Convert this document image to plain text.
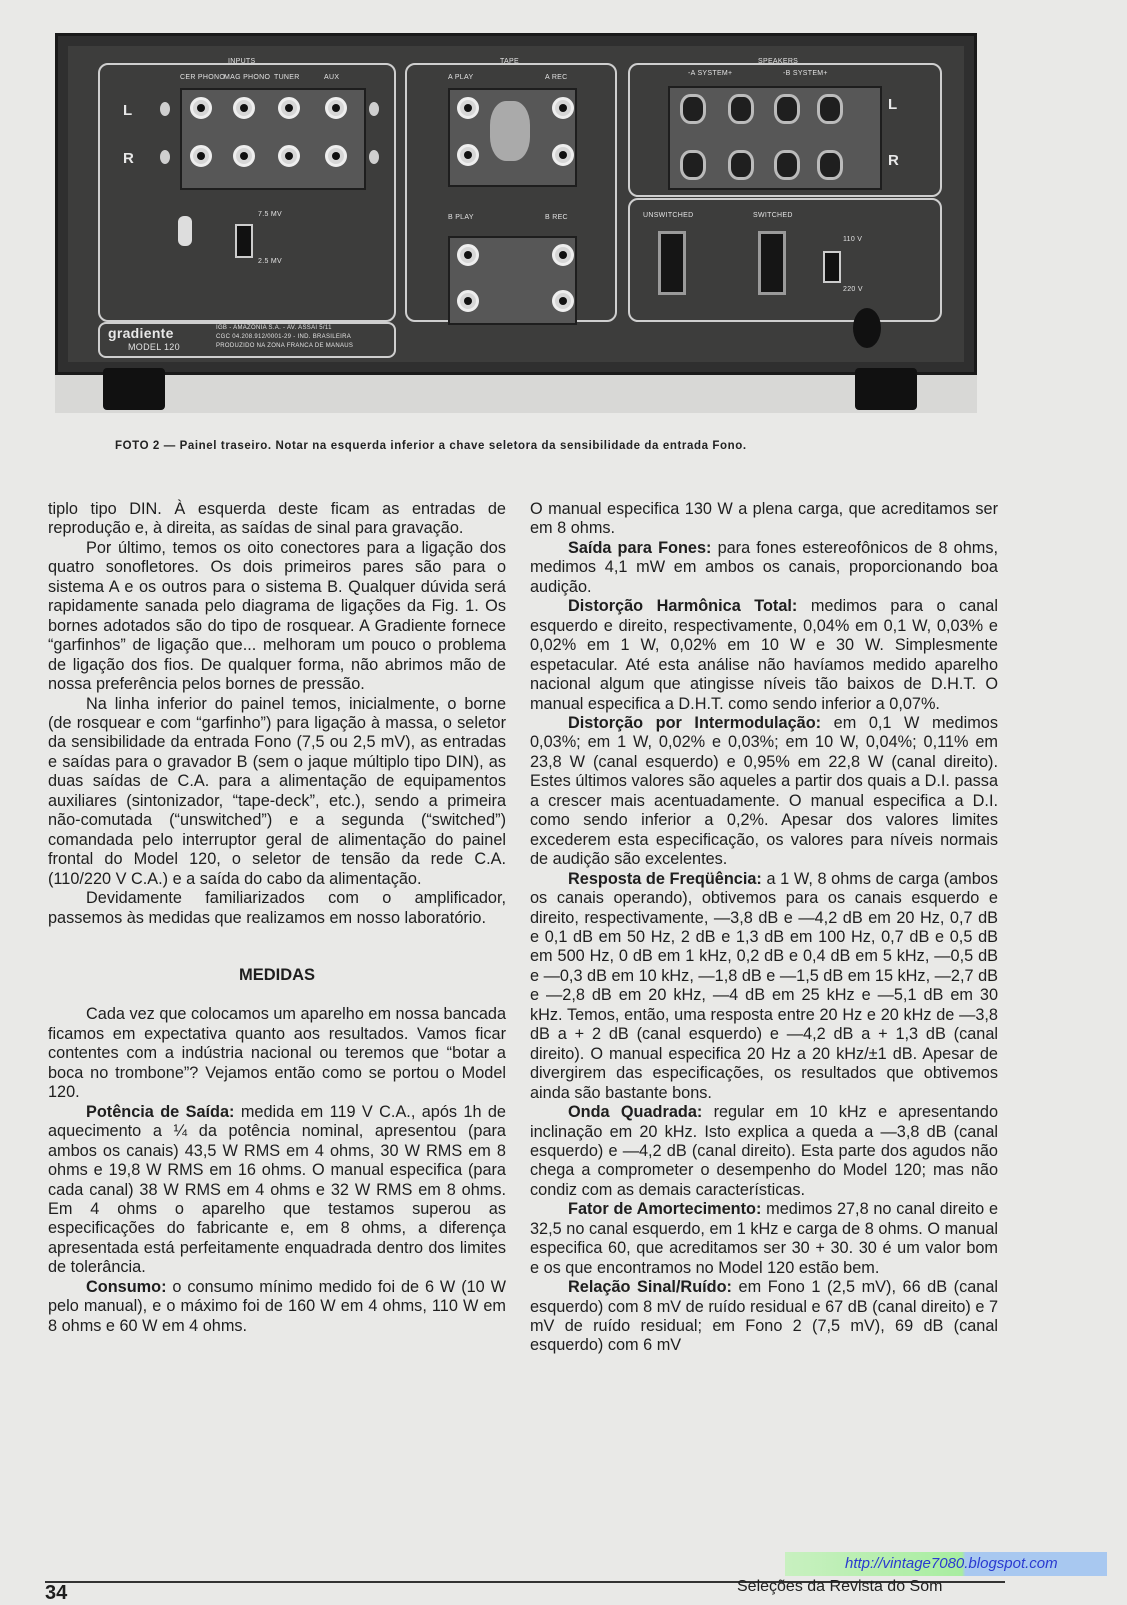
INPUTS
CER PHONO
MAG PHONO TUNER	AUX
L
R
7.5 MV
2.5 MV
gradiente
MODEL 120
IGB - AMAZÔNIA S.A. - AV. ASSAI 5/11
CGC 04.208.912/0001-29 - IND. BRASILEIRA
PRODUZIDO NA ZONA FRANCA DE MANAUS
TAPE
A PLAY	A REC
B PLAY	B REC
SPEAKERS
-A SYSTEM+	-B SYSTEM+
L
R
UNSWITCHED	SWITCHED
110 V
220 V
FOTO 2 — Painel traseiro. Notar na esquerda inferior a chave seletora da sensibilidade da entrada Fono.

tiplo tipo DIN. À esquerda deste ficam as entradas de reprodução e, à direita, as saídas de sinal para gravação.

Por último, temos os oito conectores para a ligação dos quatro sonofletores. Os dois primeiros pares são para o sistema A e os outros para o sistema B. Qualquer dúvida será rapidamente sanada pelo diagrama de ligações da Fig. 1. Os bornes adotados são do tipo de rosquear. A Gradiente fornece “garfinhos” de ligação que... melhoram um pouco o problema de ligação dos fios. De qualquer forma, não abrimos mão de nossa preferência pelos bornes de pressão.

Na linha inferior do painel temos, inicialmente, o borne (de rosquear e com “garfinho”) para ligação à massa, o seletor da sensibilidade da entrada Fono (7,5 ou 2,5 mV), as entradas e saídas para o gravador B (sem o jaque múltiplo tipo DIN), as duas saídas de C.A. para a alimentação de equipamentos auxiliares (sintonizador, “tape-deck”, etc.), sendo a primeira não-comutada (“unswitched”) e a segunda (“switched”) comandada pelo interruptor geral de alimentação do painel frontal do Model 120, o seletor de tensão da rede C.A. (110/220 V C.A.) e a saída do cabo da alimentação.

Devidamente familiarizados com o amplificador, passemos às medidas que realizamos em nosso laboratório.

MEDIDAS

Cada vez que colocamos um aparelho em nossa bancada ficamos em expectativa quanto aos resultados. Vamos ficar contentes com a indústria nacional ou teremos que “botar a boca no trombone”? Vejamos então como se portou o Model 120.

Potência de Saída: medida em 119 V C.A., após 1h de aquecimento a ¼ da potência nominal, apresentou (para ambos os canais) 43,5 W RMS em 4 ohms, 30 W RMS em 8 ohms e 19,8 W RMS em 16 ohms. O manual especifica (para cada canal) 38 W RMS em 4 ohms e 32 W RMS em 8 ohms. Em 4 ohms o aparelho que testamos superou as especificações do fabricante e, em 8 ohms, a diferença apresentada está perfeitamente enquadrada dentro dos limites de tolerância.

Consumo: o consumo mínimo medido foi de 6 W (10 W pelo manual), e o máximo foi de 160 W em 4 ohms, 110 W em 8 ohms e 60 W em 4 ohms.

O manual especifica 130 W a plena carga, que acreditamos ser em 8 ohms.

Saída para Fones: para fones estereofônicos de 8 ohms, medimos 4,1 mW em ambos os canais, proporcionando boa audição.

Distorção Harmônica Total: medimos para o canal esquerdo e direito, respectivamente, 0,04% em 0,1 W, 0,03% e 0,02% em 1 W, 0,02% em 10 W e 30 W. Simplesmente espetacular. Até esta análise não havíamos medido aparelho nacional algum que atingisse níveis tão baixos de D.H.T. O manual especifica a D.H.T. como sendo inferior a 0,07%.

Distorção por Intermodulação: em 0,1 W medimos 0,03%; em 1 W, 0,02% e 0,03%; em 10 W, 0,04%; 0,11% em 23,8 W (canal esquerdo) e 0,95% em 22,8 W (canal direito). Estes últimos valores são aqueles a partir dos quais a D.I. passa a crescer mais acentuadamente. O manual especifica a D.I. como sendo inferior a 0,2%. Apesar dos valores limites excederem esta especificação, os valores para níveis normais de audição são excelentes.

Resposta de Freqüência: a 1 W, 8 ohms de carga (ambos os canais operando), obtivemos para os canais esquerdo e direito, respectivamente, —3,8 dB e —4,2 dB em 20 Hz, 0,7 dB e 0,1 dB em 50 Hz, 2 dB e 1,3 dB em 100 Hz, 0,7 dB e 0,5 dB em 500 Hz, 0 dB em 1 kHz, 0,2 dB e 0,4 dB em 5 kHz, —0,5 dB e —0,3 dB em 10 kHz, —1,8 dB e —1,5 dB em 15 kHz, —2,7 dB e —2,8 dB em 20 kHz, —4 dB em 25 kHz e —5,1 dB em 30 kHz. Temos, então, uma resposta entre 20 Hz e 20 kHz de —3,8 dB a + 2 dB (canal esquerdo) e —4,2 dB a + 1,3 dB (canal direito). O manual especifica 20 Hz a 20 kHz/±1 dB. Apesar de divergirem das especificações, os resultados que obtivemos ainda são bastante bons.

Onda Quadrada: regular em 10 kHz e apresentando inclinação em 20 kHz. Isto explica a queda a —3,8 dB (canal esquerdo) e —4,2 dB (canal direito). Esta parte dos agudos não chega a comprometer o desempenho do Model 120; mas não condiz com as demais características.

Fator de Amortecimento: medimos 27,8 no canal direito e 32,5 no canal esquerdo, em 1 kHz e carga de 8 ohms. O manual especifica 60, que acreditamos ser 30 + 30. 30 é um valor bom e os que encontramos no Model 120 estão bem.

Relação Sinal/Ruído: em Fono 1 (2,5 mV), 66 dB (canal esquerdo) com 8 mV de ruído residual e 67 dB (canal direito) e 7 mV de ruído residual; em Fono 2 (7,5 mV), 69 dB (canal esquerdo) com 6 mV

http://vintage7080.blogspot.com
34	Seleções da Revista do Som
